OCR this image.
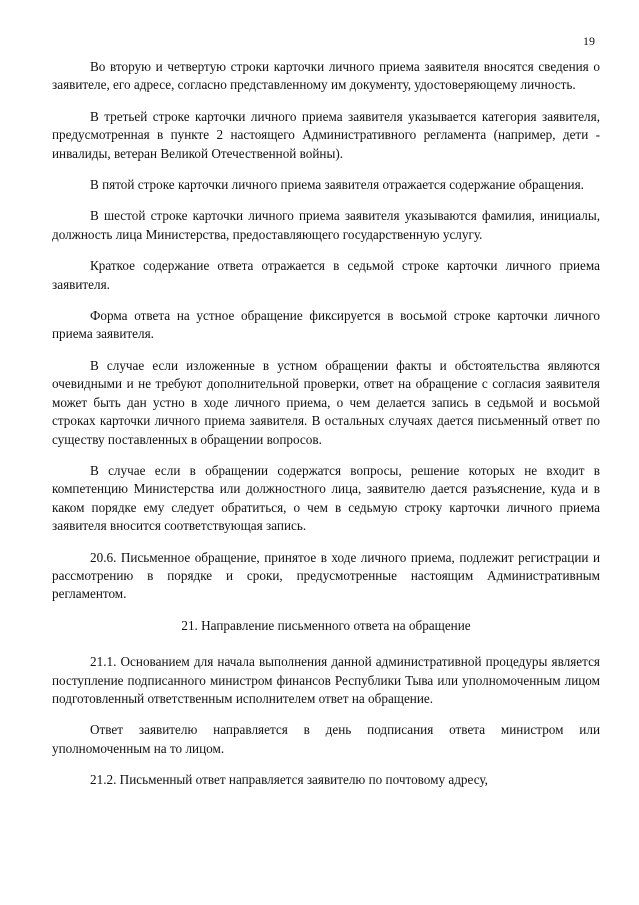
19

Во вторую и четвертую строки карточки личного приема заявителя вносятся сведения о заявителе, его адресе, согласно представленному им документу, удостоверяющему личность.

В третьей строке карточки личного приема заявителя указывается категория заявителя, предусмотренная в пункте 2 настоящего Административного регламента (например, дети - инвалиды, ветеран Великой Отечественной войны).

В пятой строке карточки личного приема заявителя отражается содержание обращения.

В шестой строке карточки личного приема заявителя указываются фамилия, инициалы, должность лица Министерства, предоставляющего государственную услугу.

Краткое содержание ответа отражается в седьмой строке карточки личного приема заявителя.

Форма ответа на устное обращение фиксируется в восьмой строке карточки личного приема заявителя.

В случае если изложенные в устном обращении факты и обстоятельства являются очевидными и не требуют дополнительной проверки, ответ на обращение с согласия заявителя может быть дан устно в ходе личного приема, о чем делается запись в седьмой и восьмой строках карточки личного приема заявителя. В остальных случаях дается письменный ответ по существу поставленных в обращении вопросов.

В случае если в обращении содержатся вопросы, решение которых не входит в компетенцию Министерства или должностного лица, заявителю дается разъяснение, куда и в каком порядке ему следует обратиться, о чем в седьмую строку карточки личного приема заявителя вносится соответствующая запись.

20.6. Письменное обращение, принятое в ходе личного приема, подлежит регистрации и рассмотрению в порядке и сроки, предусмотренные настоящим Административным регламентом.

21. Направление письменного ответа на обращение

21.1. Основанием для начала выполнения данной административной процедуры является поступление подписанного министром финансов Республики Тыва или уполномоченным лицом подготовленный ответственным исполнителем ответ на обращение.

Ответ заявителю направляется в день подписания ответа министром или уполномоченным на то лицом.

21.2. Письменный ответ направляется заявителю по почтовому адресу,
